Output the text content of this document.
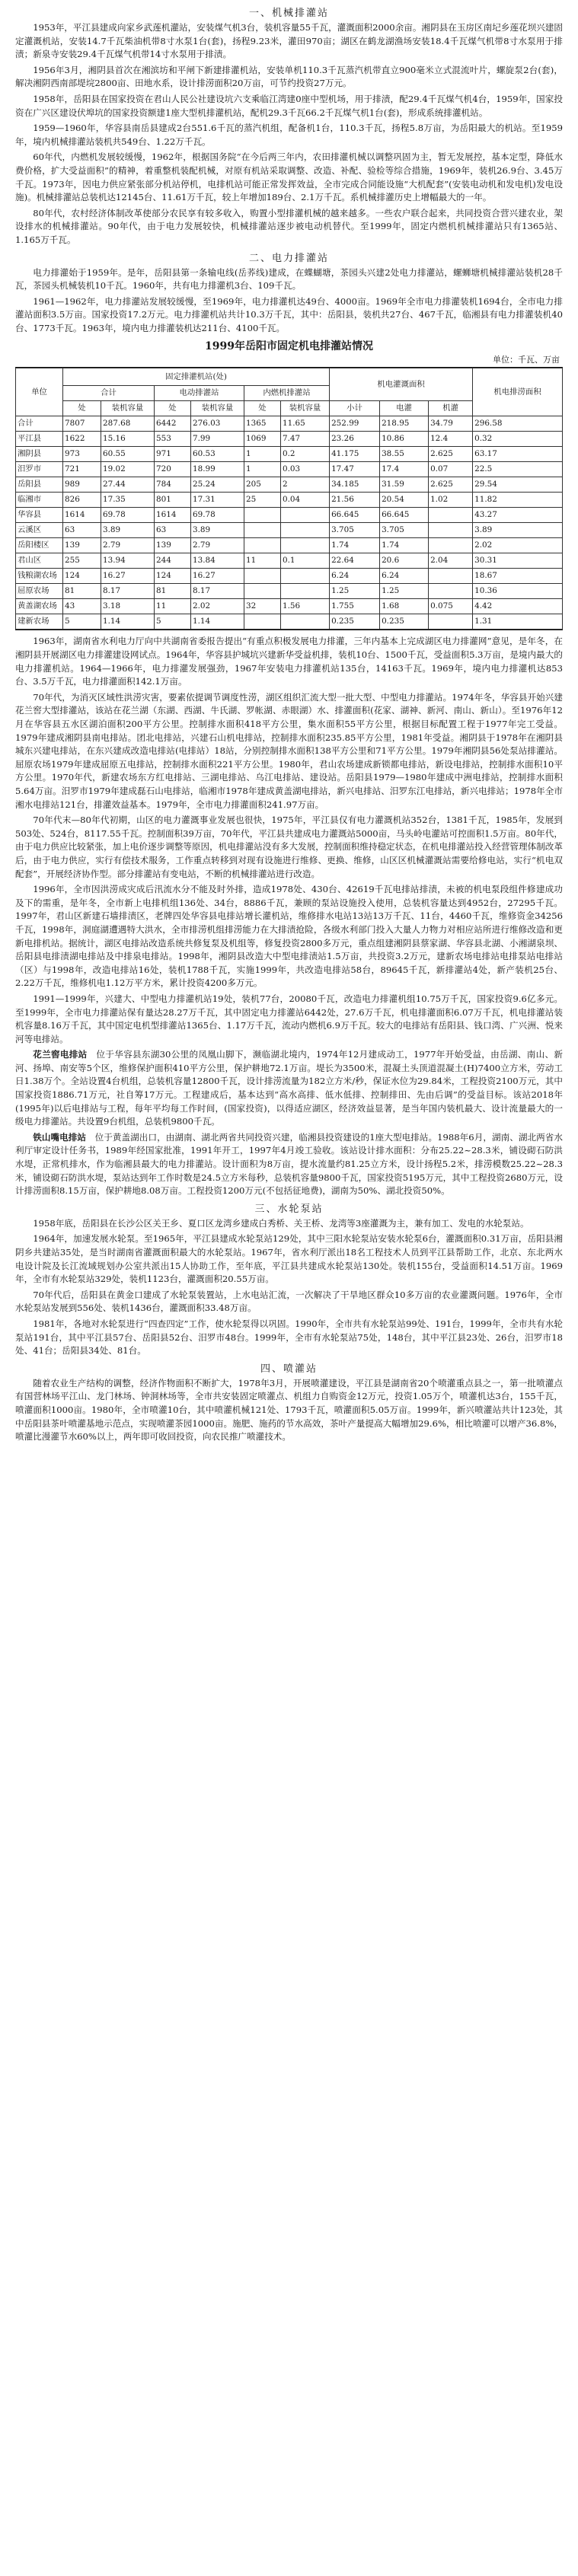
一、机械排灌站

1953年，平江县建成向家乡武莲机灌站，安装煤气机3台，装机容量55千瓦，灌溉面积2000余亩。湘阴县在玉房区南圮乡莲花坝兴建固定灌溉机站，安装14.7千瓦柴油机带8寸水泵1台(套)，扬程9.23米，灌田970亩；湖区在鹤龙湖渔场安装18.4千瓦煤气机带8寸水泵用于排渍；新泉寺安装29.4千瓦煤气机带14寸水泵用于排渍。

1956年3月，湘阴县首次在湘滨坊和平闸下新建排灌机站，安装单机110.3千瓦蒸汽机带直立900毫米立式混流叶片，螺旋泵2台(套)，解决湘阴西南部堤垸2800亩、田地水系，设计排涝面积20万亩，可节约投资27万元。

1958年，岳阳县在国家投资在君山人民公社建设坑六支乘临江湾建0座中型机场，用于排渍，配29.4千瓦煤气机4台，1959年，国家投资在广兴区建设伏埠坑的国家投资额建1座大型机排灌机站，配机29.3千瓦66.2千瓦煤气机1台(套)，形成系统排灌机站。

1959—1960年，华容县南岳县建成2台551.6千瓦的蒸汽机组，配备机1台，110.3千瓦，扬程5.8万亩，为岳阳最大的机站。至1959年，境内机械排灌站装机共549台、1.22万千瓦。

60年代，内燃机发展较缓慢，1962年，根据国务院“在今后两三年内，农田排灌机械以调整巩固为主，暂无发展控，基本定型，降低水费价格，扩大受益面积”的精神，着重整机装配机械，对原有机站采取调整、改造、补配、验检等综合措施，1969年，装机26.9台、3.45万千瓦。1973年，因电力供应紧张部分机站停机，电排机站可能正常发挥效益，全市完成合同能设施“大机配套”(安装电动机和发电机)发电设施)。机械排灌站总装机达12145台、11.61万千瓦，较上年增加189台、2.1万千瓦。系机械排灌历史上增幅最大的一年。

80年代，农村经济体制改革使部分农民享有较多收入，购置小型排灌机械的越来越多。一些农户联合起来，共同投资合营兴建农业，架设排水的机械排灌站。90年代，由于电力发展较快，机械排灌站逐步被电动机替代。至1999年，固定内燃机机械排灌站只有1365站、1.165万千瓦。

二、电力排灌站

电力排灌始于1959年。是年，岳阳县第一条输电线(岳荞线)建成，在蝶蝴塘，茶园头兴建2处电力排灌站，螺蛳塘机械排灌站装机28千瓦，茶园头机械装机10千瓦。1960年，共有电力排灌机3台、109千瓦。

1961—1962年，电力排灌站发展较缓慢，至1969年，电力排灌机达49台、4000亩。1969年全市电力排灌装机1694台，全市电力排灌站面积3.5万亩。国家投资17.2万元。电力排灌机站共计10.3万千瓦，其中：岳阳县，装机共27台、467千瓦，临湘县有电力排灌装机40台、1773千瓦。1963年，境内电力排灌装机达211台、4100千瓦。

1999年岳阳市固定机电排灌站情况
单位：千瓦、万亩
单位	固定排灌机站(处)						机电灌溉面积			机电排涝面积
	合计		电动排灌站		内燃机排灌站					
	处	装机容量	处	装机容量	处	装机容量	小计	电灌	机灌	
合计	7807	287.68	6442	276.03	1365	11.65	252.99	218.95	34.79	296.58
平江县	1622	15.16	553	7.99	1069	7.47	23.26	10.86	12.4	0.32
湘阴县	973	60.55	971	60.53	1	0.2	41.175	38.55	2.625	63.17
汨罗市	721	19.02	720	18.99	1	0.03	17.47	17.4	0.07	22.5
岳阳县	989	27.44	784	25.24	205	2	34.185	31.59	2.625	29.54
临湘市	826	17.35	801	17.31	25	0.04	21.56	20.54	1.02	11.82
华容县	1614	69.78	1614	69.78			66.645	66.645		43.27
云溪区	63	3.89	63	3.89			3.705	3.705		3.89
岳阳楼区	139	2.79	139	2.79			1.74	1.74		2.02
君山区	255	13.94	244	13.84	11	0.1	22.64	20.6	2.04	30.31
钱粮湖农场	124	16.27	124	16.27			6.24	6.24		18.67
屈原农场	81	8.17	81	8.17			1.25	1.25		10.36
黄盖湖农场	43	3.18	11	2.02	32	1.56	1.755	1.68	0.075	4.42
建新农场	5	1.14	5	1.14			0.235	0.235		1.31

1963年，湖南省水利电力厅向中共湖南省委报告提出“有重点积极发展电力排灌，三年内基本上完成湖区电力排灌网”意见，是年冬，在湘阴县开展湖区电力排灌建设网试点。1964年，华容县护城坑兴建新华受益机排，装机10台、1500千瓦，受益面积5.3万亩，是境内最大的电力排灌机站。1964—1966年，电力排灌发展强劲，1967年安装电力排灌机站135台，14163千瓦。1969年，境内电力排灌机达853台、3.5万千瓦，电力排灌面积142.1万亩。

70年代，为消灭区域性洪涝灾害，要素依提调节调度性涝，湖区组织汇流大型一批大型、中型电力排灌站。1974年冬，华容县开始兴建花兰窖大型排灌站，该站在花兰湖（东湖、西湖、牛氏湖、罗帐湖、赤眼湖）水、排灌面积(花家、湖神、新河、南山、新山）。至1976年12月在华容县五水区湖泊面积200平方公里。控制排水面积418平方公里，集水面积55平方公里，根据目标配置工程于1977年完工受益。1979年建成湘阴县南电排站。团北电排站，兴建石山机电排站，控制排水面积235.85平方公里，1981年受益。湘阴县于1978年在湘阴县城东兴建电排站，在东兴建成改造电排站(电排站）18站，分别控制排水面积138平方公里和71平方公里。1979年湘阴县56处泵站排灌站。屈原农场1979年建成屈原五电排站，控制排水面积221平方公里。1980年，君山农场建成新锁都电排站，新设电排站，控制排水面积10平方公里。1970年代，新建农场东方红电排站、三湖电排站、乌江电排站、建设站。岳阳县1979—1980年建成中洲电排站，控制排水面积5.64万亩。汨罗市1979年建成磊石山电排站，临湘市1978年建成黄盖湖电排站，新兴电排站、汨罗东江电排站，新兴电排站；1978年全市湘水电排站121台，排灌效益基本。1979年，全市电力排灌面积241.97万亩。

70年代末—80年代初期，山区的电力灌溉事业发展也很快，1975年，平江县仅有电力灌溉机站352台，1381千瓦，1985年，发展到503处、524台，8117.55千瓦。控制面积39万亩，70年代，平江县共建成电力灌溉站5000亩，马头岭电灌站可控面积1.5万亩。80年代，由于电力供应比较紧张，加上电价逐步调整等原因，机电排灌站没有多大发展，控制面积维持稳定状态，在机电排灌站投入经营管理体制改革后，由于电力供应，实行有偿技术服务，工作重点转移到对现有设施进行维修、更换、维修，山区区机械灌溉站需要给修电站，实行“机电双配套”，开展经济协作型。部分排灌站有变电站，不断的机械排灌站进行改造。

1996年，全市因洪涝成灾成后汛流水分不能及时外排，造成1978处、430台、42619千瓦电排站排渍，未被的机电泵段组件修建成功及下的需重，是年冬，全市新上电排机组136处、34台，8886千瓦，兼顾的泵站设施投入使用，总装机容量达到4952台，27295千瓦。1997年，君山区新建石墙排渍区，老牌四处华容县电排站增长灌机站，维修排水电站13站13万千瓦、11台，4460千瓦，维修资金34256千瓦，1998年，洞庭湖遭遇特大洪水，全市排涝机组排涝能力在大排渍抢险，各级水利部门投入大量人力物力对相应站所进行维修改造和更新电排机站。据统计，湖区电排站改造系统共修复泵及机组等，修复投资2800多万元，重点组建湘阴县蔡家湖、华容县北湖、小湘湖泉坝、岳阳县电排渍湖电排站及中排泉电排站。1998年，湘阴县改造大中型电排渍站1.5万亩，共投资3.2万元，建新农场电排站电排泵站电排站（区）与1998年，改造电排站16处，装机1788千瓦，实施1999年，共改造电排站58台，89645千瓦，新排灌站4处，新产装机25台、2.22万千瓦，维修机电1.12万平方米，累计投资4200多万元。

1991—1999年，兴建大、中型电力排灌机站19处，装机77台，20080千瓦，改造电力排灌机组10.75万千瓦，国家投资9.6亿多元。至1999年，全市电力排灌站保有量达28.27万千瓦，其中固定电力排灌站6442处，27.6万千瓦，机电排灌面积6.07万千瓦，机电排灌站装机容量8.16万千瓦，其中国定电机型排灌站1365台、1.17万千瓦，流动内燃机6.9万千瓦。较大的电排站有岳阳县、钱口湾、广兴洲、悦来河等电排站。

花兰窖电排站　 位于华容县东湖30公里的凤凰山脚下，濒临湖北境内，1974年12月建成动工，1977年开始受益，由岳湖、南山、新河、扬埠、南安等5个区，维修保护面积410平方公里，保护耕地72.1万亩。堤长为3500米，混凝土头顶道混凝土(H)7400立方米，劳动工日1.38万个。全站设置4台机组，总装机容量12800千瓦，设计排涝流量为182立方米/秒，保证水位为29.84米，工程投资2100万元，其中国家投资1886.71万元，社自筹17万元。工程建成后，基本达到“高水高排、低水低排、控制排田、先由后调”的受益目标。该站2018年(1995年)以后电排站与工程，每年平均每工作时间，(国家投资)，以得适应湖区，经济效益显著，是当年国内装机最大、设计流量最大的一级电力排灌站。共设置9台机组，总装机9800千瓦。

铁山嘴电排站　 位于黄盖湖出口，由湖南、湖北两省共同投资兴建，临湘县投资建设的1座大型电排站。1988年6月，湖南、湖北两省水利厅审定设计任务书，1989年经国家批准，1991年开工，1997年4月竣工验收。该站设计排水面积：分布25.22~28.3米，铺设砌石防洪水堤，正常机排水，作为临湘县最大的电力排灌站。设计面积为8万亩，提水流量约81.25立方米，设计扬程5.2米，排涝模数25.22~28.3米，铺设砌石防洪水堤，泵站达到年工作时数是24.5立方米每秒，总装机容量9800千瓦，国家投资5195万元，其中工程投资2680万元，设计排涝面积8.15万亩，保护耕地8.08万亩。工程投资1200万元(不包括征地费)，湖南为50%、湖北投资50%。

三、水轮泵站

1958年底，岳阳县在长沙公区关王乡、夏口区龙湾乡建成白秀桥、关王桥、龙湾等3座灌溉为主，兼有加工、发电的水轮泵站。

1964年，加速发展水轮泵。至1965年，平江县建成水轮泵站129处，其中三阳水轮泵站安装水轮泵6台，灌溉面积0.31万亩，岳阳县湘阴乡共建站35处，是当时湖南省灌溉面积最大的水轮泵站。1967年，省水利厅派出18名工程技术人员到平江县帮助工作，北京、东北两水电设计院及长江流域规划办公室共派出15人协助工作，至年底，平江县共建成水轮泵站130处。装机155台，受益面积14.51万亩。1969年，全市有水轮泵站329处，装机1123台，灌溉面积20.55万亩。

70年代后，岳阳县在黄金口建成了水轮泵装置站，上水电站汇流，一次解决了干旱地区群众10多万亩的农业灌溉问题。1976年，全市水轮泵站发展到556处、装机1436台，灌溉面积33.48万亩。

1981年，各地对水轮泵进行“四查四定”工作，使水轮泵得以巩固。1990年，全市共有水轮泵站99处、191台，1999年，全市共有水轮泵站191台，其中平江县57台、岳阳县52台、汨罗市48台。1999年，全市有水轮泵站75处，148台，其中平江县23处、26台，汨罗市18处、41台；岳阳县34处、81台。

四、喷灌站

随着农业生产结构的调整，经济作物面积不断扩大，1978年3月，开展喷灌建设，平江县是湖南省20个喷灌重点县之一，第一批喷灌点有国营林场平江山、龙门林场、钟洞林场等，全市共安装固定喷灌点、机组力自购资金12万元，投资1.05万个，喷灌机达3台，155千瓦，喷灌面积1000亩。1980年，全市喷灌10台，其中喷灌机械121处、1793千瓦，喷灌面积5.05万亩。1999年，新兴喷灌站共计123处，其中岳阳县茶叶喷灌基地示范点，实现喷灌茶园1000亩。施肥、施药的节水高效，茶叶产量提高大幅增加29.6%，相比喷灌可以增产36.8%，喷灌比漫灌节水60%以上，两年即可收回投资，向农民推广喷灌技术。
